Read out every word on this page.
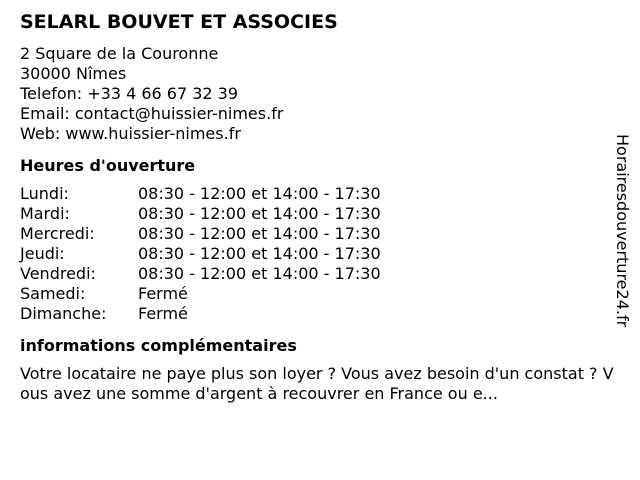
SELARL BOUVET ET ASSOCIES
2 Square de la Couronne
30000 Nîmes
Telefon: +33 4 66 67 32 39
Email: contact@huissier-nimes.fr
Web: www.huissier-nimes.fr
Heures d'ouverture
Lundi:	08:30 - 12:00 et 14:00 - 17:30
Mardi:	08:30 - 12:00 et 14:00 - 17:30
Mercredi:	08:30 - 12:00 et 14:00 - 17:30
Jeudi:	08:30 - 12:00 et 14:00 - 17:30
Vendredi:	08:30 - 12:00 et 14:00 - 17:30
Samedi:	Fermé
Dimanche:	Fermé
informations complémentaires
Votre locataire ne paye plus son loyer ? Vous avez besoin d'un constat ? Vous avez une somme d'argent à recouvrer en France ou e...
Horairesdouverture24.fr
